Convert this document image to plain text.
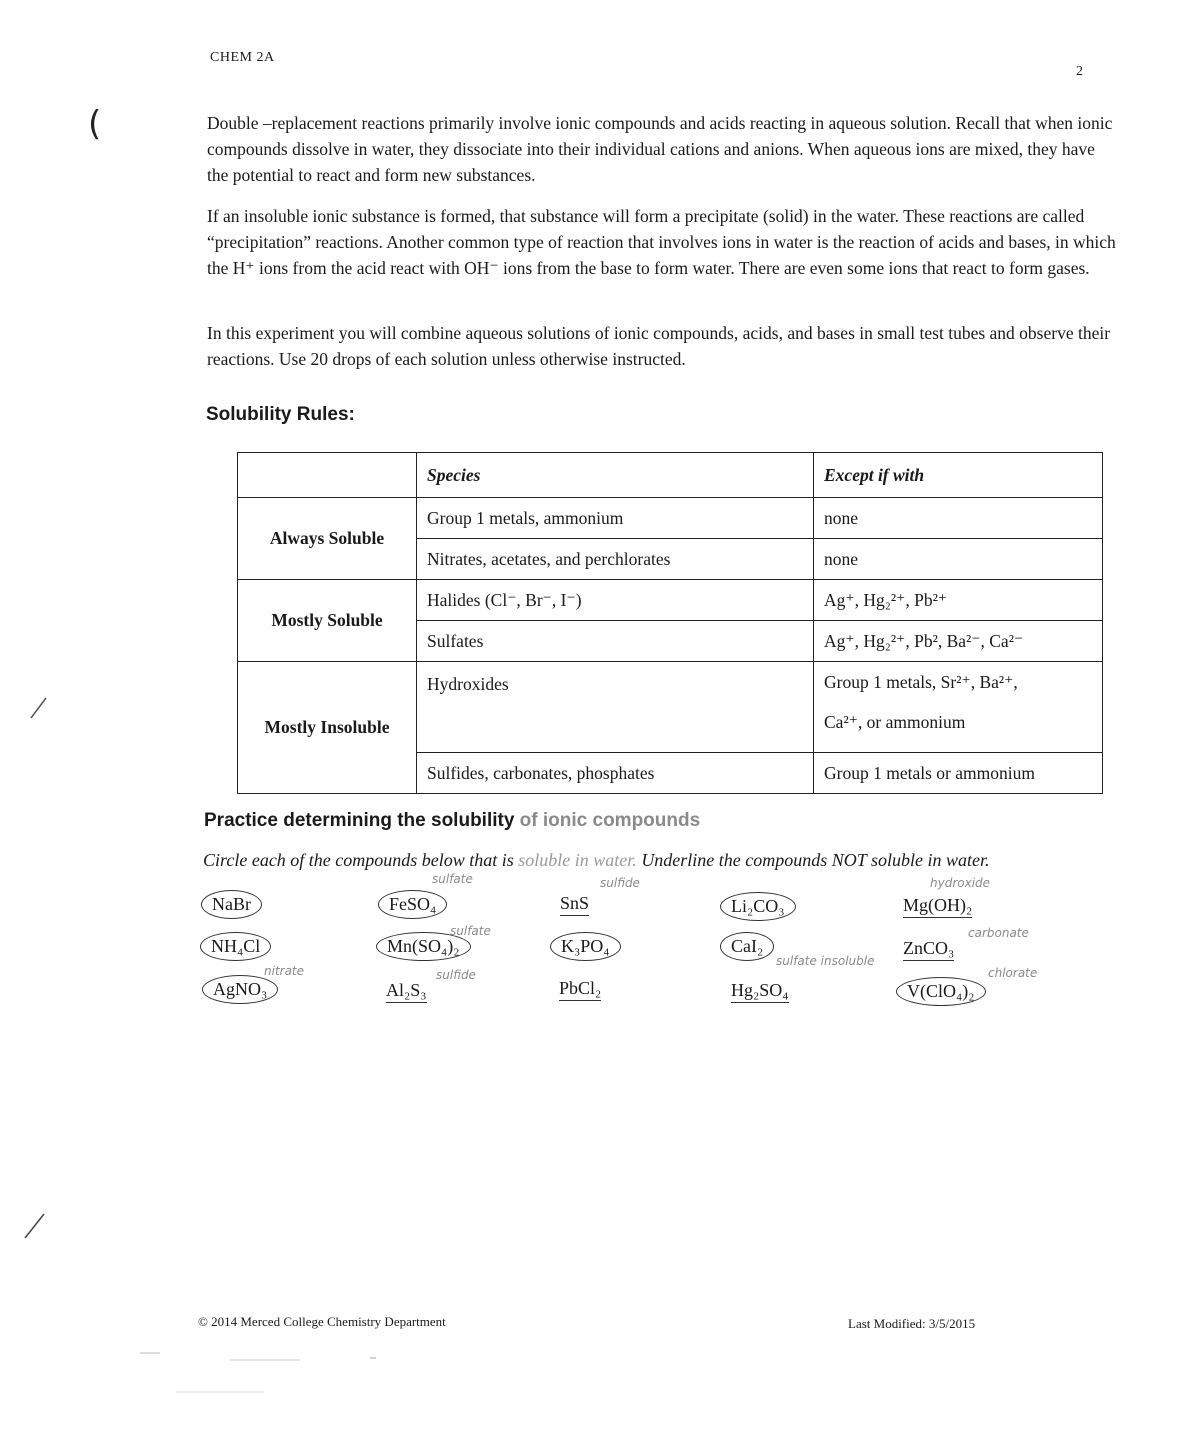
CHEM 2A
2
Double –replacement reactions primarily involve ionic compounds and acids reacting in aqueous solution. Recall that when ionic compounds dissolve in water, they dissociate into their individual cations and anions. When aqueous ions are mixed, they have the potential to react and form new substances.
If an insoluble ionic substance is formed, that substance will form a precipitate (solid) in the water. These reactions are called “precipitation” reactions. Another common type of reaction that involves ions in water is the reaction of acids and bases, in which the H⁺ ions from the acid react with OH⁻ ions from the base to form water. There are even some ions that react to form gases.
In this experiment you will combine aqueous solutions of ionic compounds, acids, and bases in small test tubes and observe their reactions. Use 20 drops of each solution unless otherwise instructed.
Solubility Rules:
	Species	Except if with
Always Soluble	Group 1 metals, ammonium	none
	Nitrates, acetates, and perchlorates	none
Mostly Soluble	Halides (Cl⁻, Br⁻, I⁻)	Ag⁺, Hg₂²⁺, Pb²⁺
	Sulfates	Ag⁺, Hg₂²⁺, Pb², Ba²⁻, Ca²⁻
Mostly Insoluble	Hydroxides	Group 1 metals, Sr²⁺, Ba²⁺,
Ca²⁺, or ammonium

	Sulfides, carbonates, phosphates	Group 1 metals or ammonium
Practice determining the solubility of ionic compounds
Circle each of the compounds below that is soluble in water. Underline the compounds NOT soluble in water.
NaBr
NH₄Cl
AgNO₃
FeSO₄
Mn(SO₄)₂
Al₂S₃
SnS
K₃PO₄
PbCl₂
Li₂CO₃
CaI₂
Hg₂SO₄
Mg(OH)₂
ZnCO₃
V(ClO₄)₂
sulfate	sulfide	hydroxide
sulfate	carbonate
nitrate	sulfide
sulfate insoluble
chlorate
© 2014 Merced College Chemistry Department	Last Modified: 3/5/2015
(
